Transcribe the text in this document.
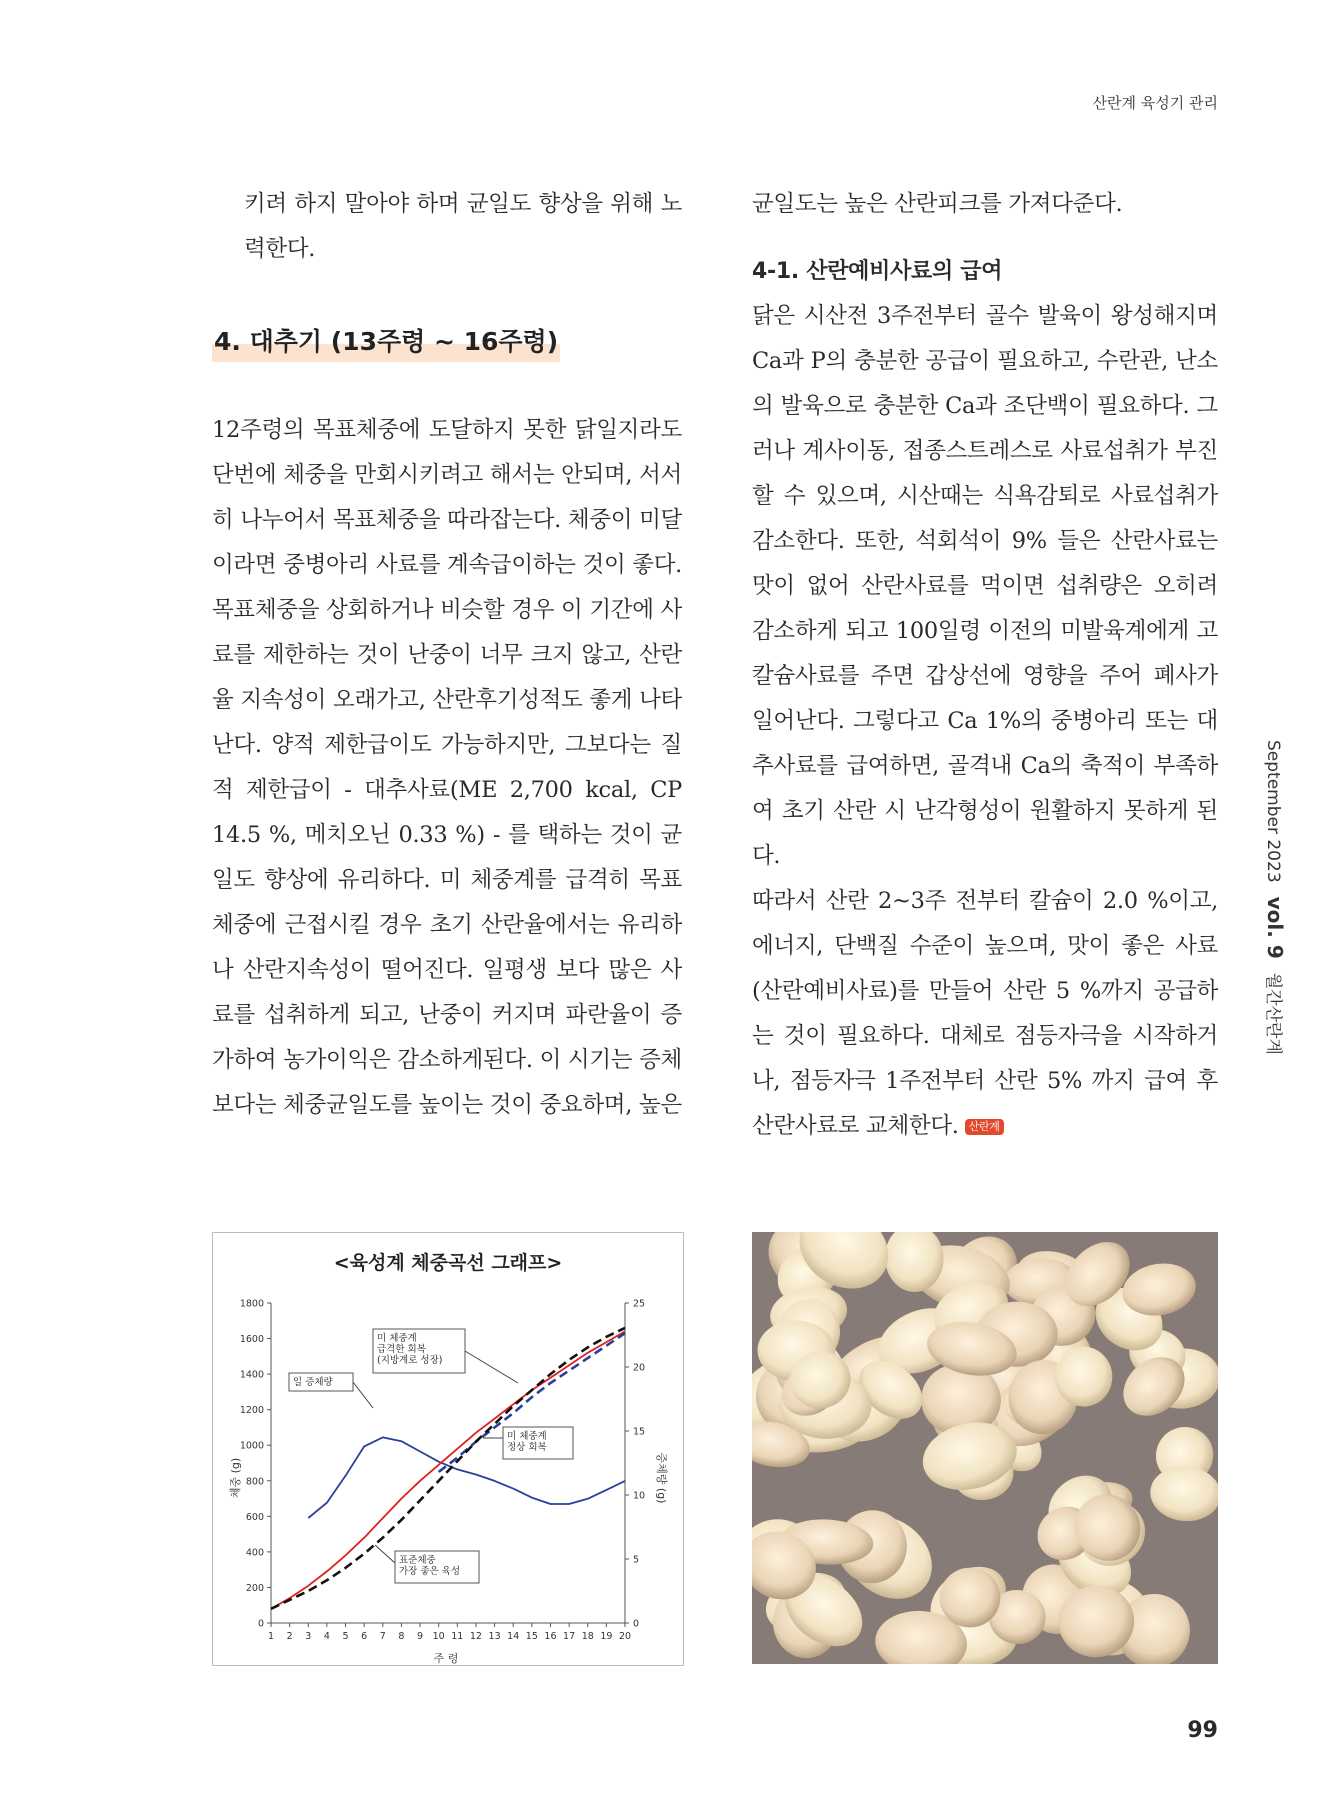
산란계 육성기 관리

키려 하지 말아야 하며 균일도 향상을 위해 노력한다.

4. 대추기 (13주령 ~ 16주령)

12주령의 목표체중에 도달하지 못한 닭일지라도 단번에 체중을 만회시키려고 해서는 안되며, 서서히 나누어서 목표체중을 따라잡는다. 체중이 미달이라면 중병아리 사료를 계속급이하는 것이 좋다. 목표체중을 상회하거나 비슷할 경우 이 기간에 사료를 제한하는 것이 난중이 너무 크지 않고, 산란율 지속성이 오래가고, 산란후기성적도 좋게 나타난다. 양적 제한급이도 가능하지만, 그보다는 질적 제한급이 - 대추사료(ME 2,700 kcal, CP 14.5 %, 메치오닌 0.33 %) - 를 택하는 것이 균일도 향상에 유리하다. 미 체중계를 급격히 목표체중에 근접시킬 경우 초기 산란율에서는 유리하나 산란지속성이 떨어진다. 일평생 보다 많은 사료를 섭취하게 되고, 난중이 커지며 파란율이 증가하여 농가이익은 감소하게된다. 이 시기는 증체보다는 체중균일도를 높이는 것이 중요하며, 높은

균일도는 높은 산란피크를 가져다준다.

4-1. 산란예비사료의 급여

닭은 시산전 3주전부터 골수 발육이 왕성해지며 Ca과 P의 충분한 공급이 필요하고, 수란관, 난소의 발육으로 충분한 Ca과 조단백이 필요하다. 그러나 계사이동, 접종스트레스로 사료섭취가 부진할 수 있으며, 시산때는 식욕감퇴로 사료섭취가 감소한다. 또한, 석회석이 9% 들은 산란사료는 맛이 없어 산란사료를 먹이면 섭취량은 오히려 감소하게 되고 100일령 이전의 미발육계에게 고칼슘사료를 주면 갑상선에 영향을 주어 폐사가 일어난다. 그렇다고 Ca 1%의 중병아리 또는 대추사료를 급여하면, 골격내 Ca의 축적이 부족하여 초기 산란 시 난각형성이 원활하지 못하게 된다.

따라서 산란 2~3주 전부터 칼슘이 2.0 %이고, 에너지, 단백질 수준이 높으며, 맛이 좋은 사료(산란예비사료)를 만들어 산란 5 %까지 공급하는 것이 필요하다. 대체로 점등자극을 시작하거나, 점등자극 1주전부터 산란 5% 까지 급여 후 산란사료로 교체한다. 산란계

September 2023vol. 9월간산란계
<육성계 체중곡선 그래프>
0
200
400
600
800
1000
1200
1400
1600
1800
0
5
10
15
20
25
1 2 3 4 5 6 7 8 9 10 11 12 13 14 15 16 17 18 19 20
미 체중계
급격한 회복
(지방계로 성장)
일 증체량
미 체중계
정상 회복
표준체중
가장 좋은 육성
주 령
체중 (g)	증체량 (g)
99
